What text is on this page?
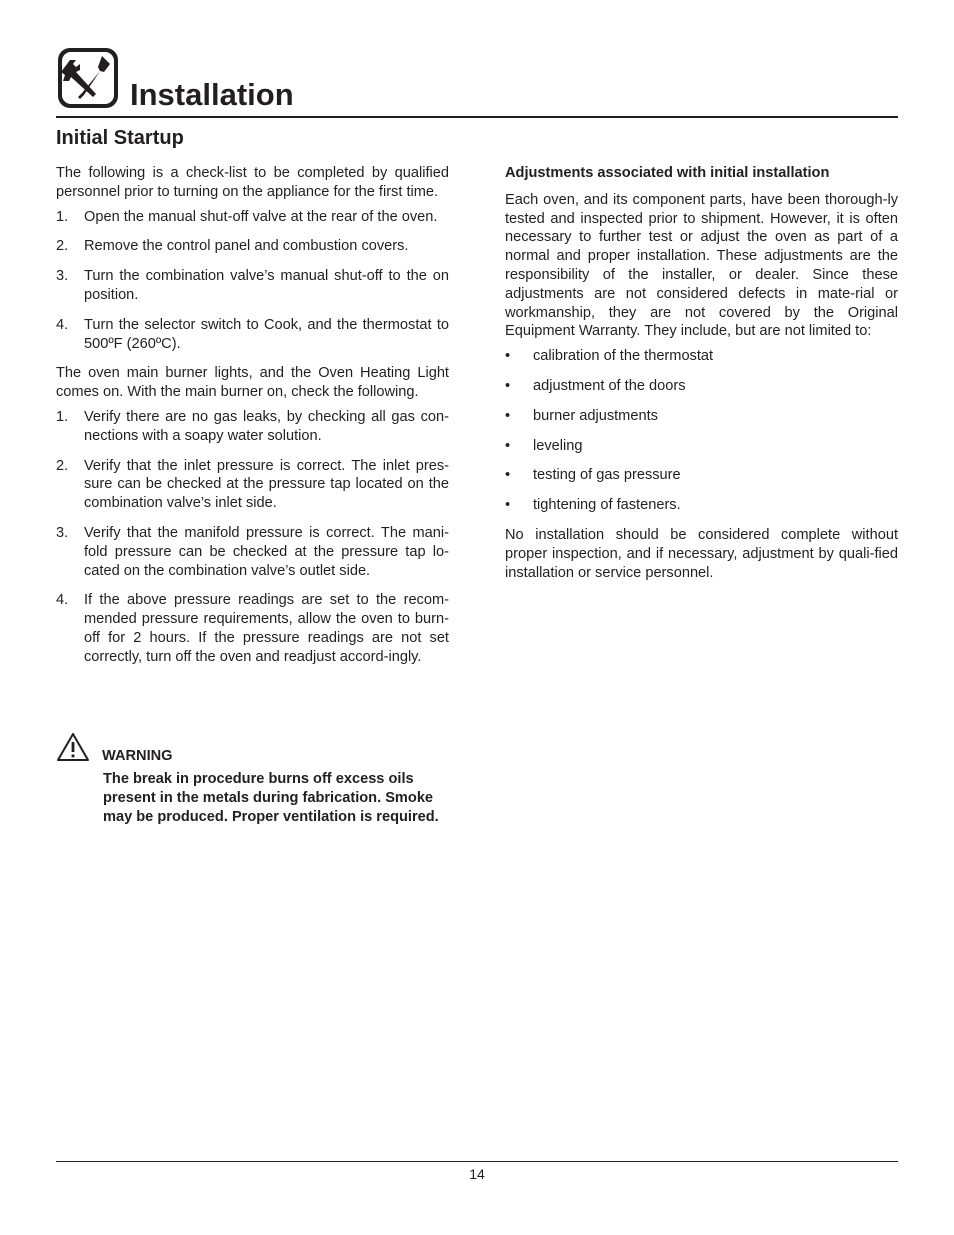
Installation
Initial Startup

The following is a check-list to be completed by qualified personnel prior to turning on the appliance for the first time.

1. Open the manual shut-off valve at the rear of the oven.
2. Remove the control panel and combustion covers.
3. Turn the combination valve’s manual shut-off to the on position.
4. Turn the selector switch to Cook, and the thermostat to 500ºF (260ºC).

The oven main burner lights, and the Oven Heating Light comes on. With the main burner on, check the following.

1. Verify there are no gas leaks, by checking all gas con-nections with a soapy water solution.
2. Verify that the inlet pressure is correct. The inlet pres-sure can be checked at the pressure tap located on the combination valve’s inlet side.
3. Verify that the manifold pressure is correct. The mani-fold pressure can be checked at the pressure tap lo-cated on the combination valve’s outlet side.
4. If the above pressure readings are set to the recom-mended pressure requirements, allow the oven to burn-off for 2 hours. If the pressure readings are not set correctly, turn off the oven and readjust accord-ingly.
WARNING
The break in procedure burns off excess oils present in the metals during fabrication. Smoke may be produced. Proper ventilation is required.
Adjustments associated with initial installation

Each oven, and its component parts, have been thorough-ly tested and inspected prior to shipment. However, it is often necessary to further test or adjust the oven as part of a normal and proper installation. These adjustments are the responsibility of the installer, or dealer. Since these adjustments are not considered defects in mate-rial or workmanship, they are not covered by the Original Equipment Warranty. They include, but are not limited to:

• calibration of the thermostat
• adjustment of the doors
• burner adjustments
• leveling
• testing of gas pressure
• tightening of fasteners.

No installation should be considered complete without proper inspection, and if necessary, adjustment by quali-fied installation or service personnel.

14
